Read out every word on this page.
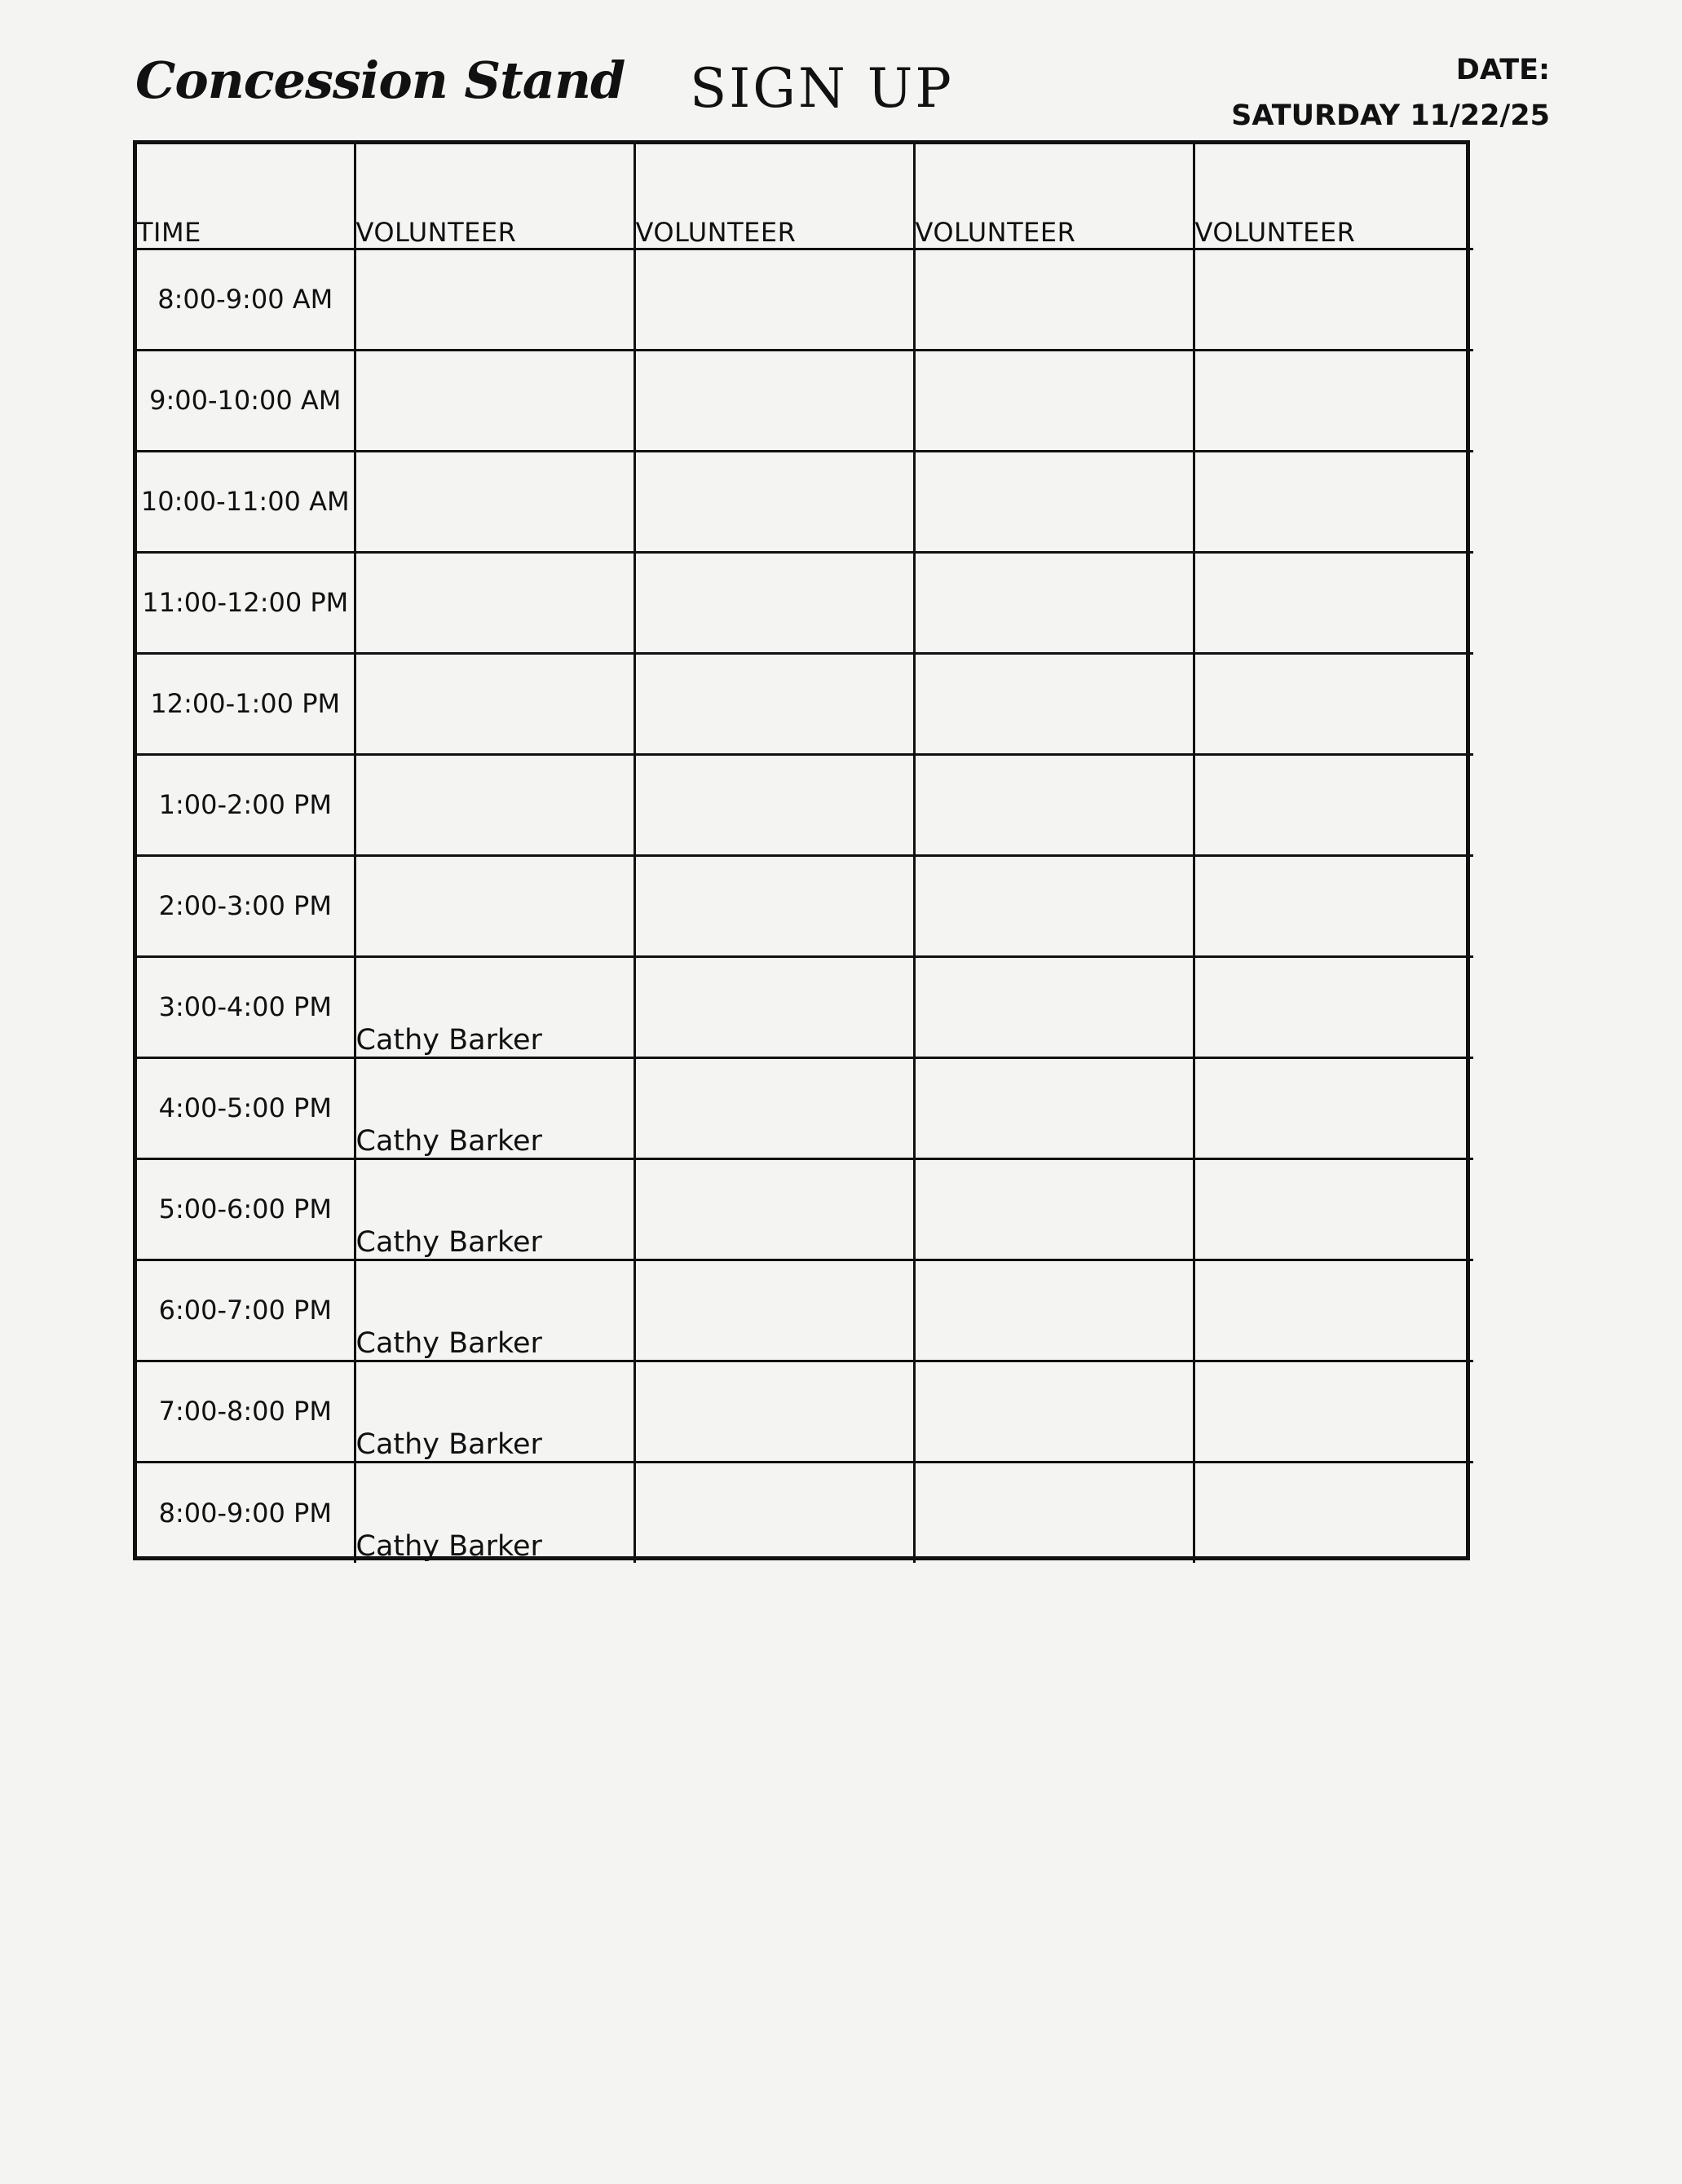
Concession Stand SIGN UP	DATE:
SATURDAY 11/22/25
TIME	VOLUNTEER	VOLUNTEER	VOLUNTEER	VOLUNTEER
8:00-9:00 AM				
9:00-10:00 AM				
10:00-11:00 AM				
11:00-12:00 PM				
12:00-1:00 PM				
1:00-2:00 PM				
2:00-3:00 PM				
3:00-4:00 PM	Cathy Barker			
4:00-5:00 PM	Cathy Barker			
5:00-6:00 PM	Cathy Barker			
6:00-7:00 PM	Cathy Barker			
7:00-8:00 PM	Cathy Barker			
8:00-9:00 PM	Cathy Barker			
